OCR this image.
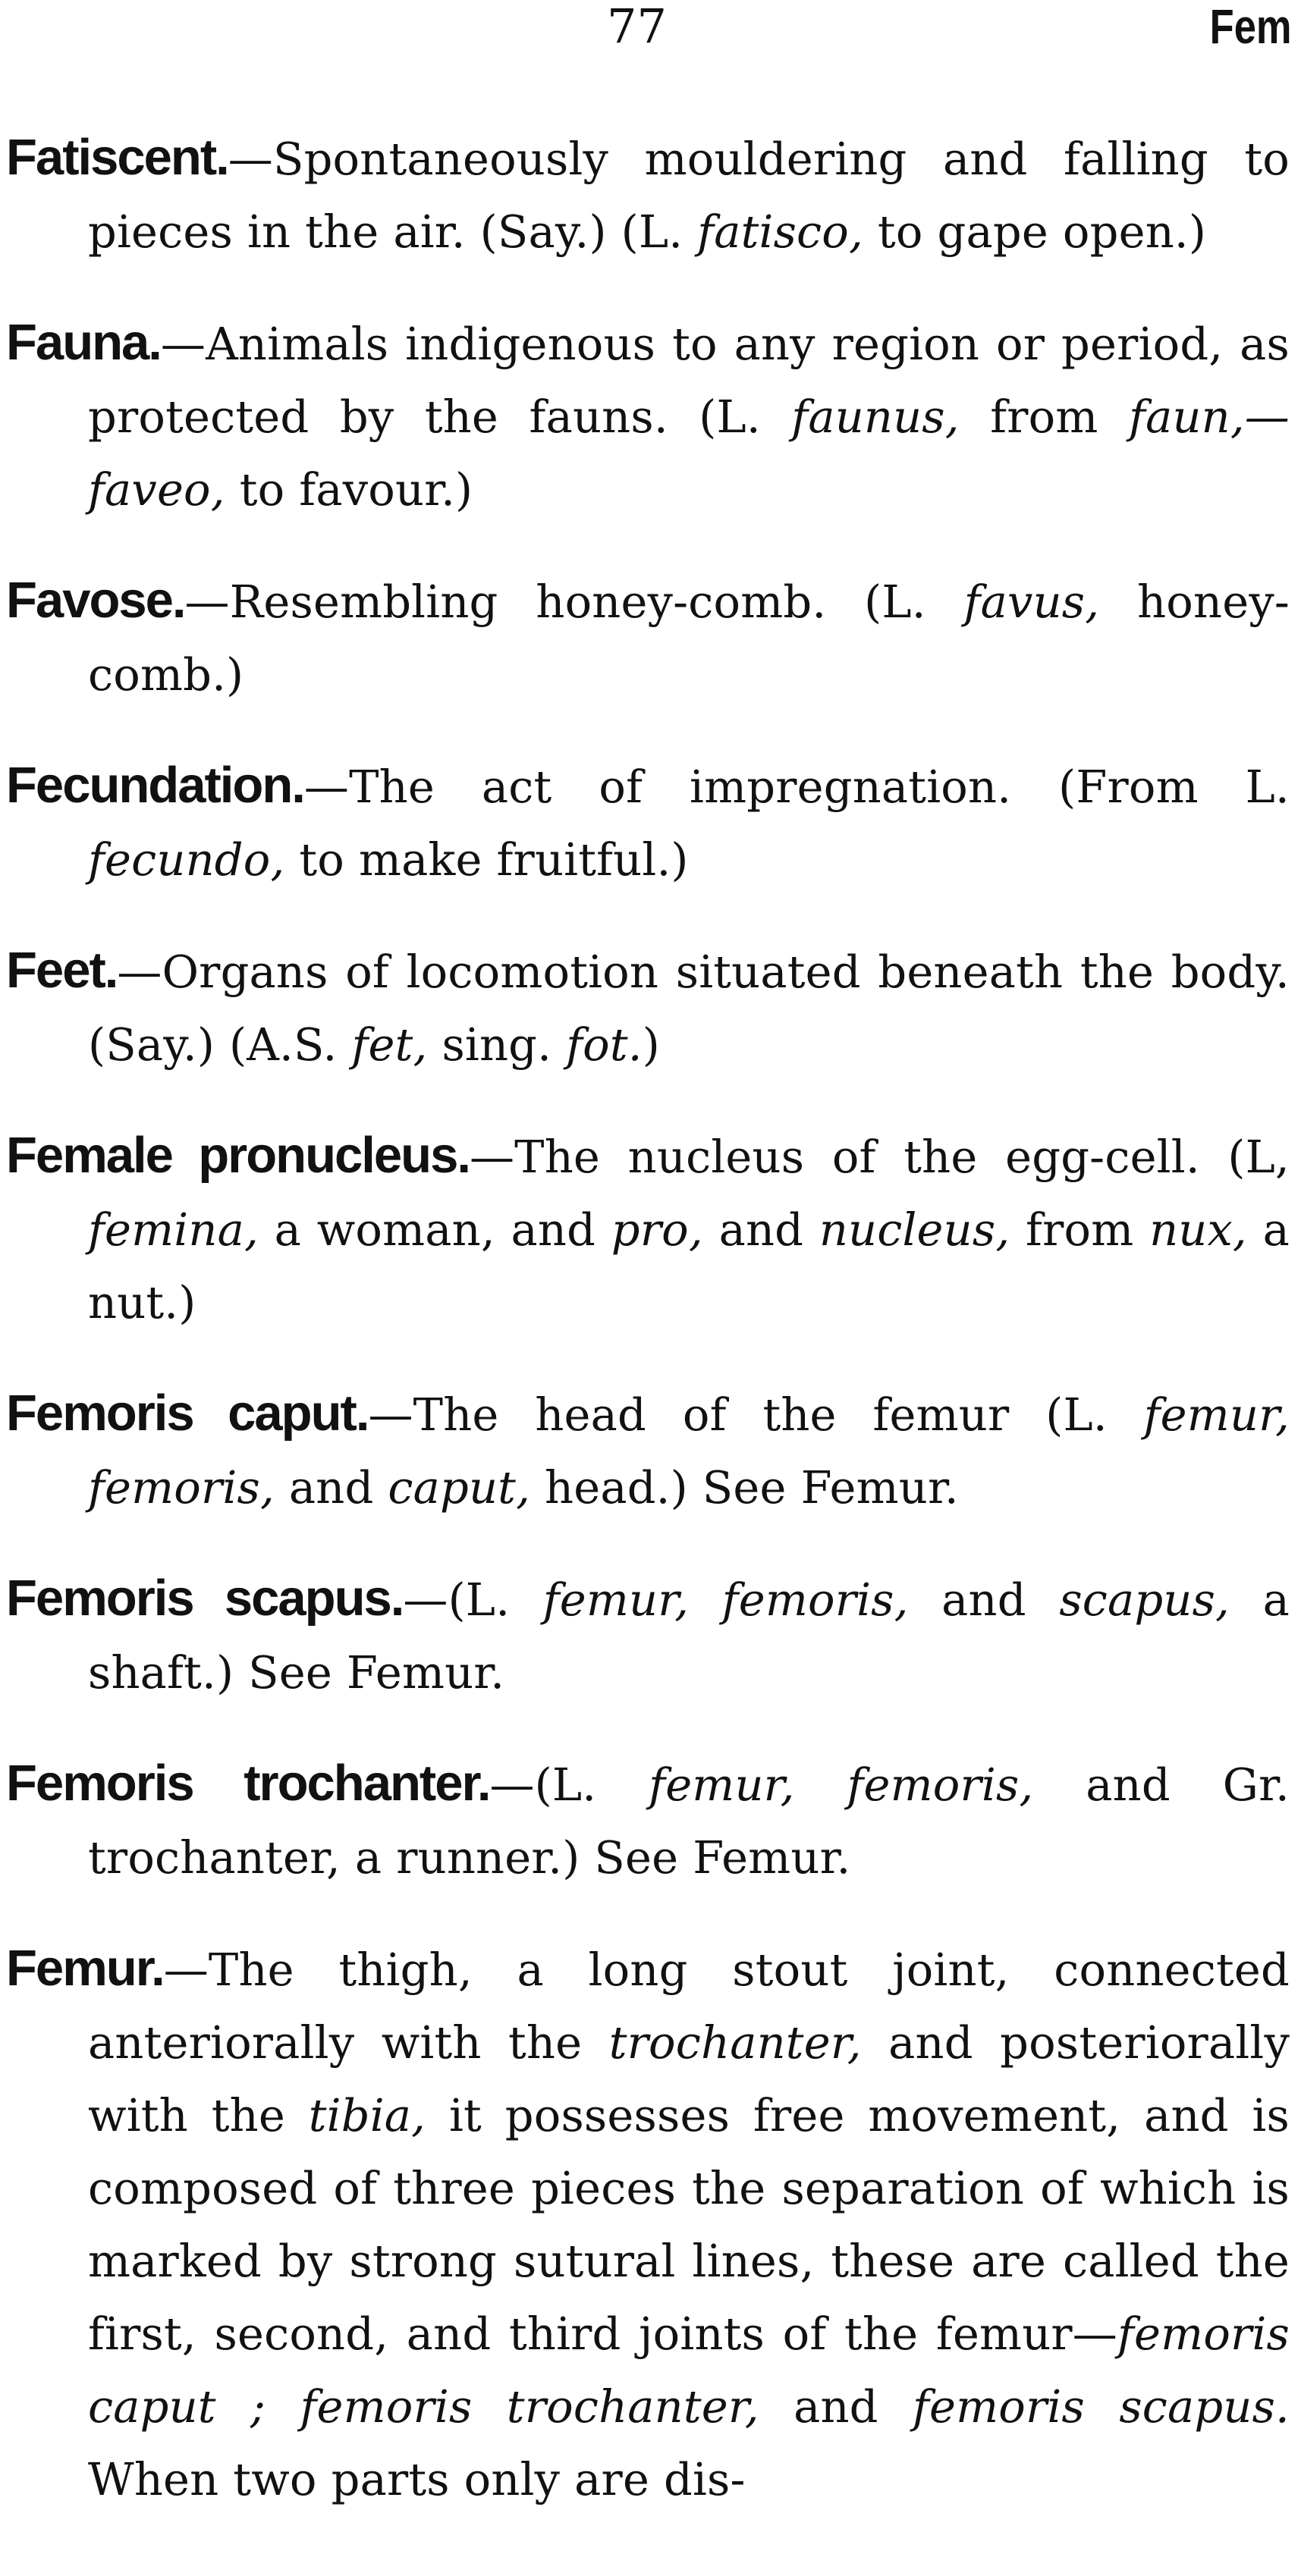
77	Fem

Fatiscent.—Spontaneously mouldering and falling to pieces in the air. (Say.) (L. fatisco, to gape open.)

Fauna.—Animals indigenous to any region or period, as protected by the fauns. (L. faunus, from faun,—faveo, to favour.)

Favose.—Resembling honey-comb. (L. favus, honey-comb.)

Fecundation.—The act of impregnation. (From L. fecundo, to make fruitful.)

Feet.—Organs of locomotion situated beneath the body. (Say.) (A.S. fet, sing. fot.)

Female pronucleus.—The nucleus of the egg-cell. (L, femina, a woman, and pro, and nucleus, from nux, a nut.)

Femoris caput.—The head of the femur (L. femur, femoris, and caput, head.) See Femur.

Femoris scapus.—(L. femur, femoris, and scapus, a shaft.) See Femur.

Femoris trochanter.—(L. femur, femoris, and Gr. trochanter, a runner.) See Femur.

Femur.—The thigh, a long stout joint, connected anteriorally with the trochanter, and posteriorally with the tibia, it possesses free movement, and is composed of three pieces the separation of which is marked by strong sutural lines, these are called the first, second, and third joints of the femur—femoris caput ; femoris trochanter, and femoris scapus. When two parts only are dis-
